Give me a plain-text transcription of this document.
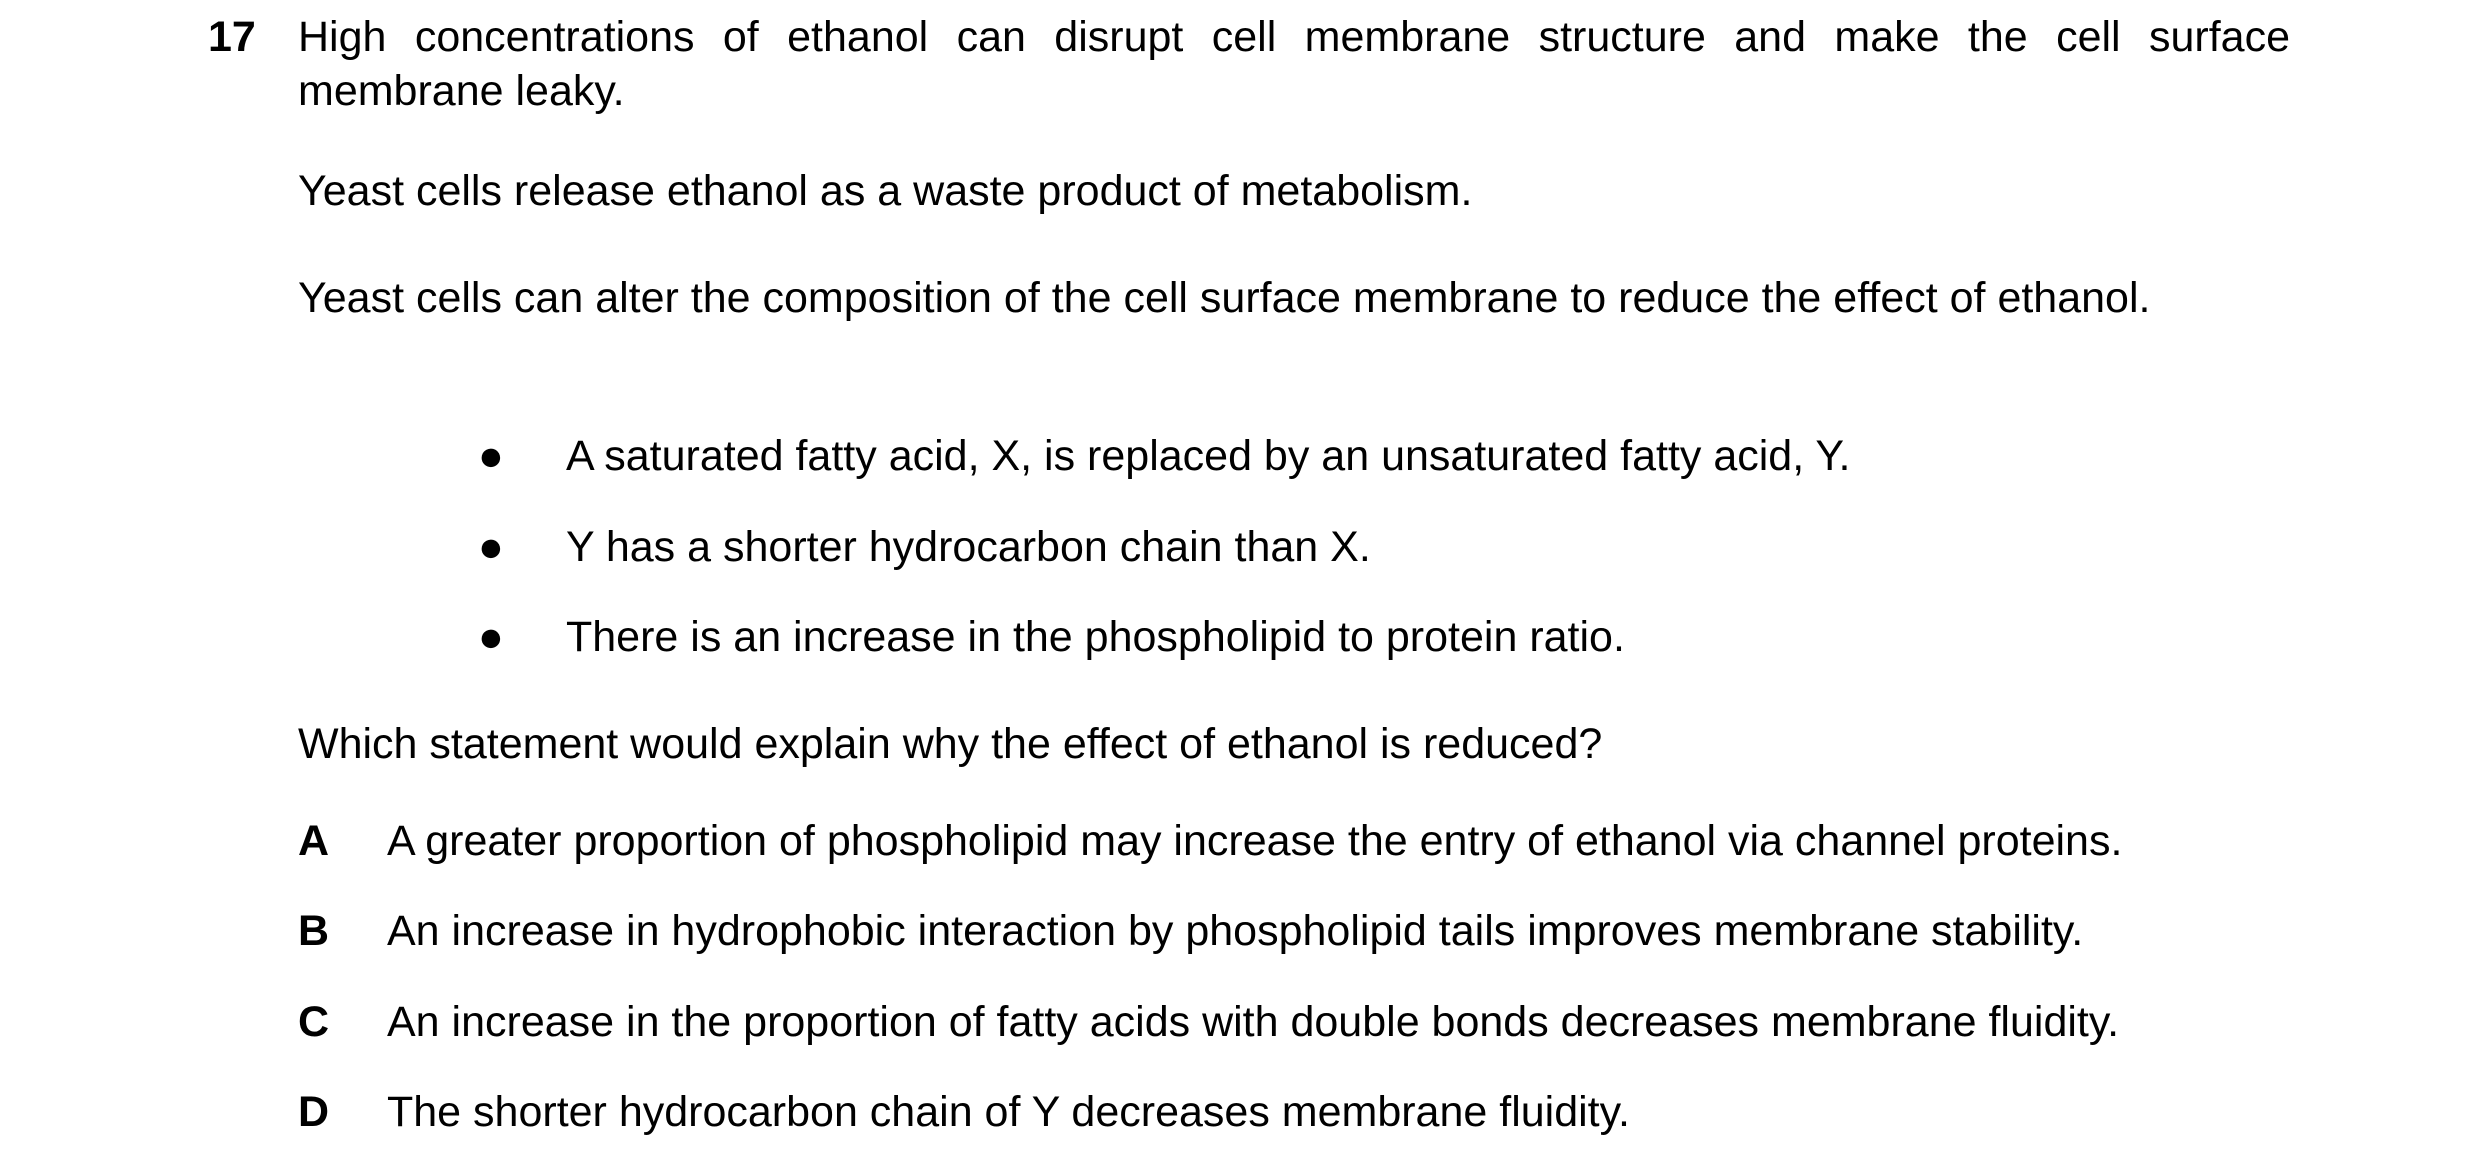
17 High concentrations of ethanol can disrupt cell membrane structure and make the cell surface membrane leaky.
Yeast cells release ethanol as a waste product of metabolism.
Yeast cells can alter the composition of the cell surface membrane to reduce the effect of ethanol.
● A saturated fatty acid, X, is replaced by an unsaturated fatty acid, Y.
● Y has a shorter hydrocarbon chain than X.
● There is an increase in the phospholipid to protein ratio.
Which statement would explain why the effect of ethanol is reduced?
A A greater proportion of phospholipid may increase the entry of ethanol via channel proteins.
B An increase in hydrophobic interaction by phospholipid tails improves membrane stability.
C An increase in the proportion of fatty acids with double bonds decreases membrane fluidity.
D The shorter hydrocarbon chain of Y decreases membrane fluidity.
